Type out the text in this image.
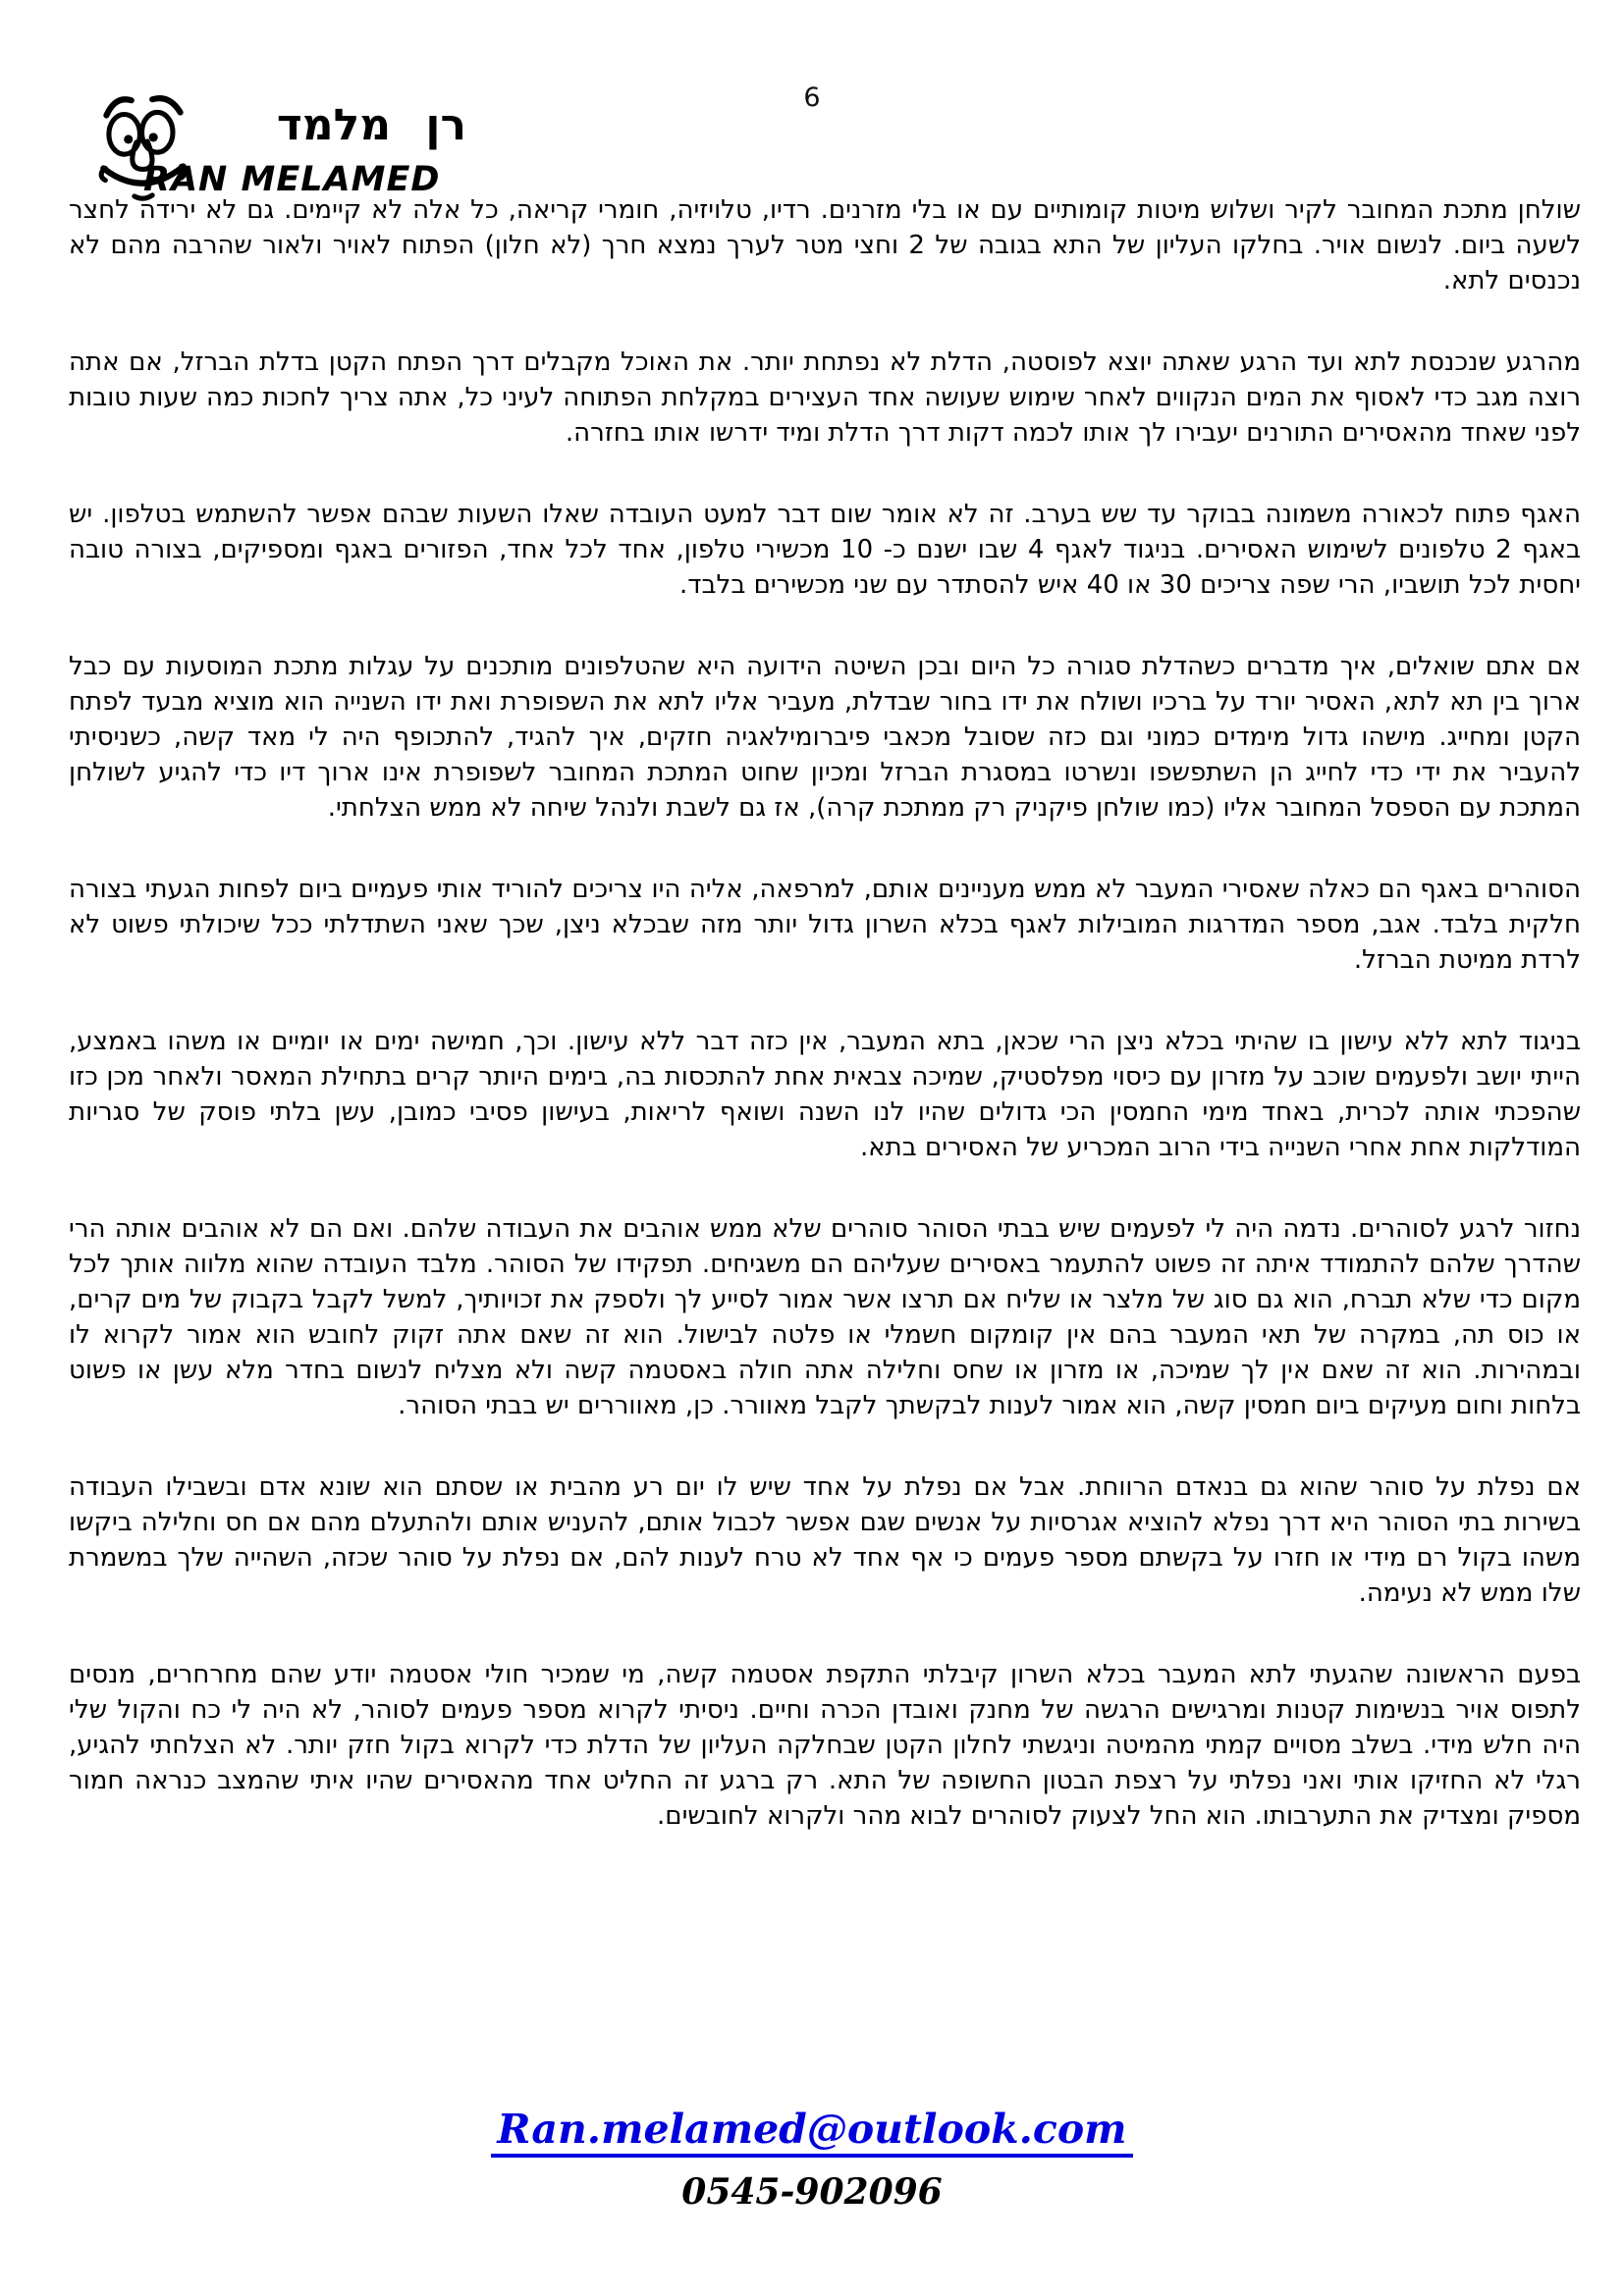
6
רן מלמד
RAN MELAMED

שולחן מתכת המחובר לקיר ושלוש מיטות קומותיים עם או בלי מזרנים. רדיו, טלויזיה, חומרי קריאה, כל אלה לא קיימים. גם לא ירידה לחצר לשעה ביום. לנשום אויר. בחלקו העליון של התא בגובה של 2 וחצי מטר לערך נמצא חרך (לא חלון) הפתוח לאויר ולאור שהרבה מהם לא נכנסים לתא.

מהרגע שנכנסת לתא ועד הרגע שאתה יוצא לפוסטה, הדלת לא נפתחת יותר. את האוכל מקבלים דרך הפתח הקטן בדלת הברזל, אם אתה רוצה מגב כדי לאסוף את המים הנקווים לאחר שימוש שעושה אחד העצירים במקלחת הפתוחה לעיני כל, אתה צריך לחכות כמה שעות טובות לפני שאחד מהאסירים התורנים יעבירו לך אותו לכמה דקות דרך הדלת ומיד ידרשו אותו בחזרה.

האגף פתוח לכאורה משמונה בבוקר עד שש בערב. זה לא אומר שום דבר למעט העובדה שאלו השעות שבהם אפשר להשתמש בטלפון. יש באגף 2 טלפונים לשימוש האסירים. בניגוד לאגף 4 שבו ישנם כ- 10 מכשירי טלפון, אחד לכל אחד, הפזורים באגף ומספיקים, בצורה טובה יחסית לכל תושביו, הרי שפה צריכים 30 או 40 איש להסתדר עם שני מכשירים בלבד.

אם אתם שואלים, איך מדברים כשהדלת סגורה כל היום ובכן השיטה הידועה היא שהטלפונים מותכנים על עגלות מתכת המוסעות עם כבל ארוך בין תא לתא, האסיר יורד על ברכיו ושולח את ידו בחור שבדלת, מעביר אליו לתא את השפופרת ואת ידו השנייה הוא מוציא מבעד לפתח הקטן ומחייג. מישהו גדול מימדים כמוני וגם כזה שסובל מכאבי פיברומילאגיה חזקים, איך להגיד, להתכופף היה לי מאד קשה, כשניסיתי להעביר את ידי כדי לחייג הן השתפשפו ונשרטו במסגרת הברזל ומכיון שחוט המתכת המחובר לשפופרת אינו ארוך דיו כדי להגיע לשולחן המתכת עם הספסל המחובר אליו (כמו שולחן פיקניק רק ממתכת קרה), אז גם לשבת ולנהל שיחה לא ממש הצלחתי.

הסוהרים באגף הם כאלה שאסירי המעבר לא ממש מעניינים אותם, למרפאה, אליה היו צריכים להוריד אותי פעמיים ביום לפחות הגעתי בצורה חלקית בלבד. אגב, מספר המדרגות המובילות לאגף בכלא השרון גדול יותר מזה שבכלא ניצן, שכך שאני השתדלתי ככל שיכולתי פשוט לא לרדת ממיטת הברזל.

בניגוד לתא ללא עישון בו שהיתי בכלא ניצן הרי שכאן, בתא המעבר, אין כזה דבר ללא עישון. וכך, חמישה ימים או יומיים או משהו באמצע, הייתי יושב ולפעמים שוכב על מזרון עם כיסוי מפלסטיק, שמיכה צבאית אחת להתכסות בה, בימים היותר קרים בתחילת המאסר ולאחר מכן כזו שהפכתי אותה לכרית, באחד מימי החמסין הכי גדולים שהיו לנו השנה ושואף לריאות, בעישון פסיבי כמובן, עשן בלתי פוסק של סגריות המודלקות אחת אחרי השנייה בידי הרוב המכריע של האסירים בתא.

נחזור לרגע לסוהרים. נדמה היה לי לפעמים שיש בבתי הסוהר סוהרים שלא ממש אוהבים את העבודה שלהם. ואם הם לא אוהבים אותה הרי שהדרך שלהם להתמודד איתה זה פשוט להתעמר באסירים שעליהם הם משגיחים. תפקידו של הסוהר. מלבד העובדה שהוא מלווה אותך לכל מקום כדי שלא תברח, הוא גם סוג של מלצר או שליח אם תרצו אשר אמור לסייע לך ולספק את זכויותיך, למשל לקבל בקבוק של מים קרים, או כוס תה, במקרה של תאי המעבר בהם אין קומקום חשמלי או פלטה לבישול. הוא זה שאם אתה זקוק לחובש הוא אמור לקרוא לו ובמהירות. הוא זה שאם אין לך שמיכה, או מזרון או שחס וחלילה אתה חולה באסטמה קשה ולא מצליח לנשום בחדר מלא עשן או פשוט בלחות וחום מעיקים ביום חמסין קשה, הוא אמור לענות לבקשתך לקבל מאוורר. כן, מאווררים יש בבתי הסוהר.

אם נפלת על סוהר שהוא גם בנאדם הרווחת. אבל אם נפלת על אחד שיש לו יום רע מהבית או שסתם הוא שונא אדם ובשבילו העבודה בשירות בתי הסוהר היא דרך נפלא להוציא אגרסיות על אנשים שגם אפשר לכבול אותם, להעניש אותם ולהתעלם מהם אם חס וחלילה ביקשו משהו בקול רם מידי או חזרו על בקשתם מספר פעמים כי אף אחד לא טרח לענות להם, אם נפלת על סוהר שכזה, השהייה שלך במשמרת שלו ממש לא נעימה.

בפעם הראשונה שהגעתי לתא המעבר בכלא השרון קיבלתי התקפת אסטמה קשה, מי שמכיר חולי אסטמה יודע שהם מחרחרים, מנסים לתפוס אויר בנשימות קטנות ומרגישים הרגשה של מחנק ואובדן הכרה וחיים. ניסיתי לקרוא מספר פעמים לסוהר, לא היה לי כח והקול שלי היה חלש מידי. בשלב מסויים קמתי מהמיטה וניגשתי לחלון הקטן שבחלקה העליון של הדלת כדי לקרוא בקול חזק יותר. לא הצלחתי להגיע, רגלי לא החזיקו אותי ואני נפלתי על רצפת הבטון החשופה של התא. רק ברגע זה החליט אחד מהאסירים שהיו איתי שהמצב כנראה חמור מספיק ומצדיק את התערבותו. הוא החל לצעוק לסוהרים לבוא מהר ולקרוא לחובשים.

Ran.melamed@outlook.com
0545-902096
